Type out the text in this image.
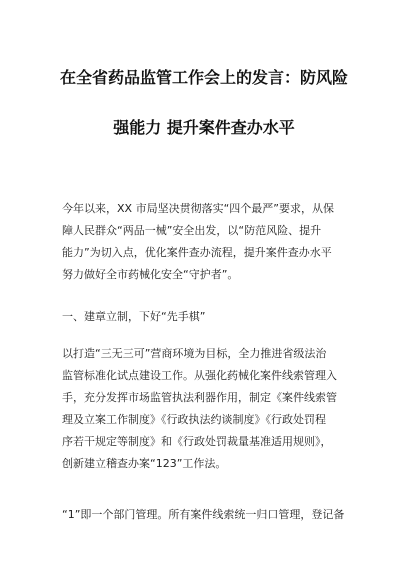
在全省药品监管工作会上的发言：防风险
强能力 提升案件查办水平
今年以来，XX 市局坚决贯彻落实“四个最严”要求，从保
障人民群众“两品一械”安全出发，以“防范风险、提升
能力”为切入点，优化案件查办流程，提升案件查办水平
努力做好全市药械化安全“守护者”。
一、建章立制，下好“先手棋”
以打造“三无三可”营商环境为目标，全力推进省级法治
监管标准化试点建设工作。从强化药械化案件线索管理入
手，充分发挥市场监管执法利器作用，制定《案件线索管
理及立案工作制度》《行政执法约谈制度》《行政处罚程
序若干规定等制度》和《行政处罚裁量基准适用规则》，
创新建立稽查办案“123”工作法。
“1”即一个部门管理。所有案件线索统一归口管理，登记备
